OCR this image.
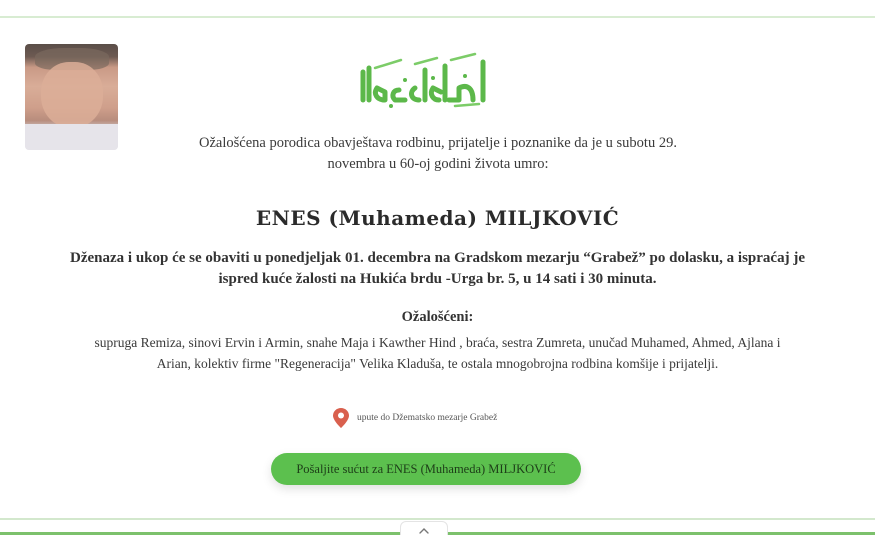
Ožalošćena porodica obavještava rodbinu, prijatelje i poznanike da je u subotu 29.
novembra u 60-oj godini života umro:
ENES (Muhameda) MILJKOVIĆ
Dženaza i ukop će se obaviti u ponedjeljak 01. decembra na Gradskom mezarju “Grabež” po dolasku, a ispraćaj je
ispred kuće žalosti na Hukića brdu -Urga br. 5, u 14 sati i 30 minuta.
Ožalošćeni:
supruga Remiza, sinovi Ervin i Armin, snahe Maja i Kawther Hind , braća, sestra Zumreta, unučad Muhamed, Ahmed, Ajlana i
Arian, kolektiv firme "Regeneracija" Velika Kladuša, te ostala mnogobrojna rodbina komšije i prijatelji.
upute do Džematsko mezarje Grabež
Pošaljite sućut za ENES (Muhameda) MILJKOVIĆ
